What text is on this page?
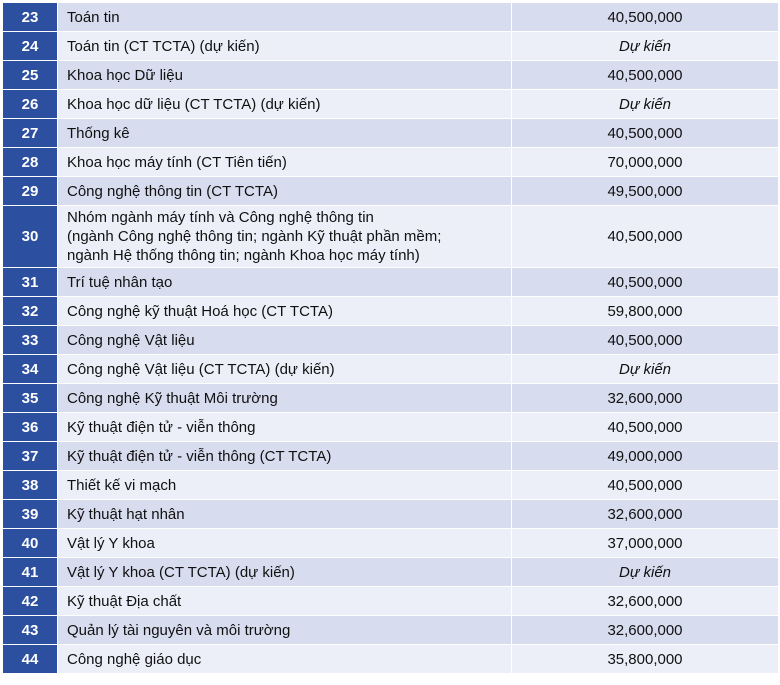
23	Toán tin	40,500,000
24	Toán tin (CT TCTA) (dự kiến)	Dự kiến
25	Khoa học Dữ liệu	40,500,000
26	Khoa học dữ liệu (CT TCTA) (dự kiến)	Dự kiến
27	Thống kê	40,500,000
28	Khoa học máy tính (CT Tiên tiến)	70,000,000
29	Công nghệ thông tin (CT TCTA)	49,500,000
30	Nhóm ngành máy tính và Công nghệ thông tin
(ngành Công nghệ thông tin; ngành Kỹ thuật phần mềm;
ngành Hệ thống thông tin; ngành Khoa học máy tính)	40,500,000
31	Trí tuệ nhân tạo	40,500,000
32	Công nghệ kỹ thuật Hoá học (CT TCTA)	59,800,000
33	Công nghệ Vật liệu	40,500,000
34	Công nghệ Vật liệu (CT TCTA) (dự kiến)	Dự kiến
35	Công nghệ Kỹ thuật Môi trường	32,600,000
36	Kỹ thuật điện tử - viễn thông	40,500,000
37	Kỹ thuật điện tử - viễn thông (CT TCTA)	49,000,000
38	Thiết kế vi mạch	40,500,000
39	Kỹ thuật hạt nhân	32,600,000
40	Vật lý Y khoa	37,000,000
41	Vật lý Y khoa (CT TCTA) (dự kiến)	Dự kiến
42	Kỹ thuật Địa chất	32,600,000
43	Quản lý tài nguyên và môi trường	32,600,000
44	Công nghệ giáo dục	35,800,000
